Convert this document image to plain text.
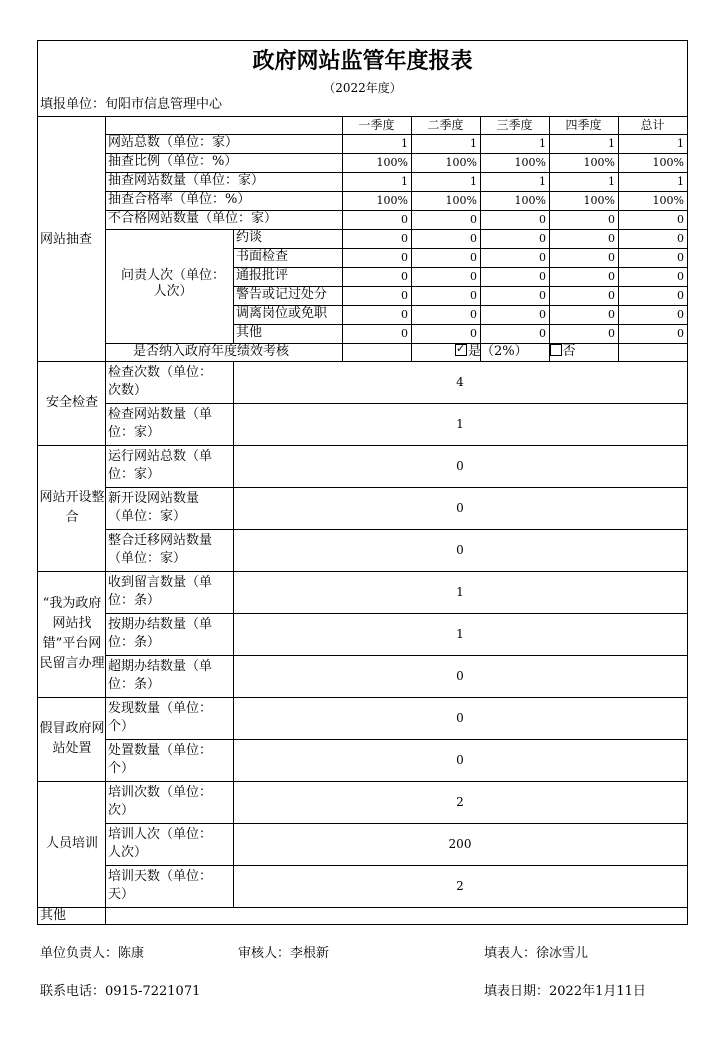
政府网站监管年度报表
（2022年度）
填报单位：旬阳市信息管理中心
一季度	二季度	三季度	四季度	总计
网站抽查
网站总数（单位：家）	1	1	1	1	1
抽查比例（单位：%）	100%	100%	100%	100%	100%
抽查网站数量（单位：家）	1	1	1	1	1
抽查合格率（单位：%）	100%	100%	100%	100%	100%
不合格网站数量（单位：家）	0	0	0	0	0
问责人次（单位：人次）
约谈	0	0	0	0	0
书面检查	0	0	0	0	0
通报批评	0	0	0	0	0
警告或记过处分	0	0	0	0	0
调离岗位或免职	0	0	0	0	0
其他	0	0	0	0	0
是否纳入政府年度绩效考核
✓	是（2%）	否
安全检查
检查次数（单位：次数）
4
检查网站数量（单位：家）
1
网站开设整合
运行网站总数（单位：家）
0
新开设网站数量（单位：家）
0
整合迁移网站数量（单位：家）
0
“我为政府网站找错”平台网民留言办理
收到留言数量（单位：条）
1
按期办结数量（单位：条）
1
超期办结数量（单位：条）
0
假冒政府网站处置
发现数量（单位：个）
0
处置数量（单位：个）
0
人员培训
培训次数（单位：次）
2
培训人次（单位：人次）
200
培训天数（单位：天）
2
其他
单位负责人：陈康	审核人：李根新	填表人：徐冰雪儿
联系电话：0915-7221071	填表日期：2022年1月11日
